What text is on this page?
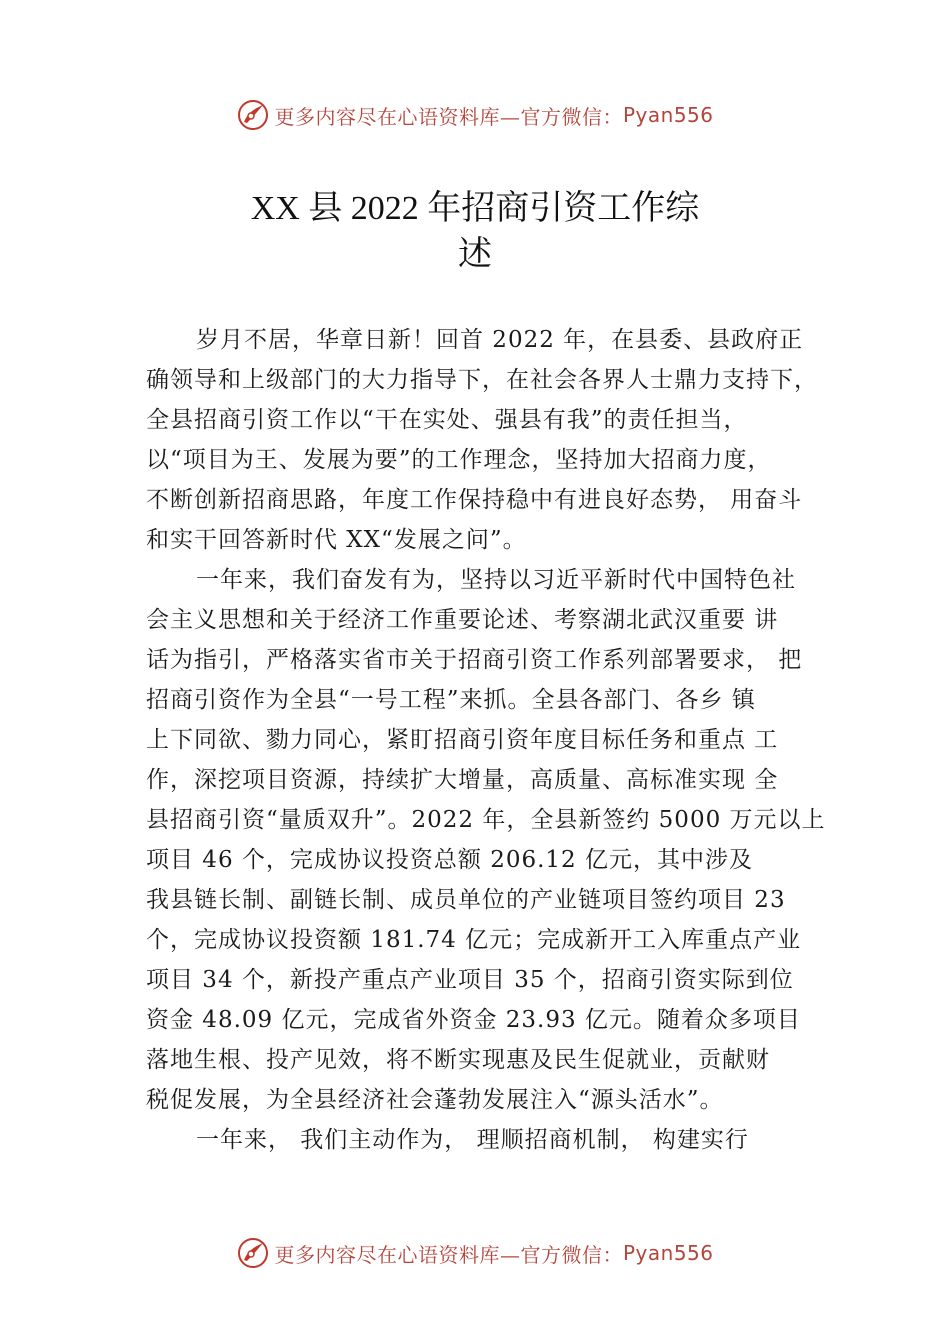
更多内容尽在心语资料库—官方微信： Pyan556
XX 县 2022 年招商引资工作综
述
岁月不居，华章日新！回首 2022 年，在县委、县政府正
确领导和上级部门的大力指导下，在社会各界人士鼎力支持下，
全县招商引资工作以“干在实处、强县有我”的责任担当，
以“项目为王、发展为要”的工作理念，坚持加大招商力度，
不断创新招商思路，年度工作保持稳中有进良好态势， 用奋斗
和实干回答新时代 XX“发展之问”。
一年来，我们奋发有为，坚持以习近平新时代中国特色社
会主义思想和关于经济工作重要论述、考察湖北武汉重要 讲
话为指引，严格落实省市关于招商引资工作系列部署要求， 把
招商引资作为全县“一号工程”来抓。全县各部门、各乡 镇
上下同欲、勠力同心，紧盯招商引资年度目标任务和重点 工
作，深挖项目资源，持续扩大增量，高质量、高标准实现 全
县招商引资“量质双升”。2022 年，全县新签约 5000 万元以上
项目 46 个，完成协议投资总额 206.12 亿元，其中涉及
我县链长制、副链长制、成员单位的产业链项目签约项目 23
个，完成协议投资额 181.74 亿元；完成新开工入库重点产业
项目 34 个，新投产重点产业项目 35 个，招商引资实际到位
资金 48.09 亿元，完成省外资金 23.93 亿元。随着众多项目
落地生根、投产见效，将不断实现惠及民生促就业，贡献财
税促发展，为全县经济社会蓬勃发展注入“源头活水”。
一年来， 我们主动作为， 理顺招商机制， 构建实行
更多内容尽在心语资料库—官方微信： Pyan556
